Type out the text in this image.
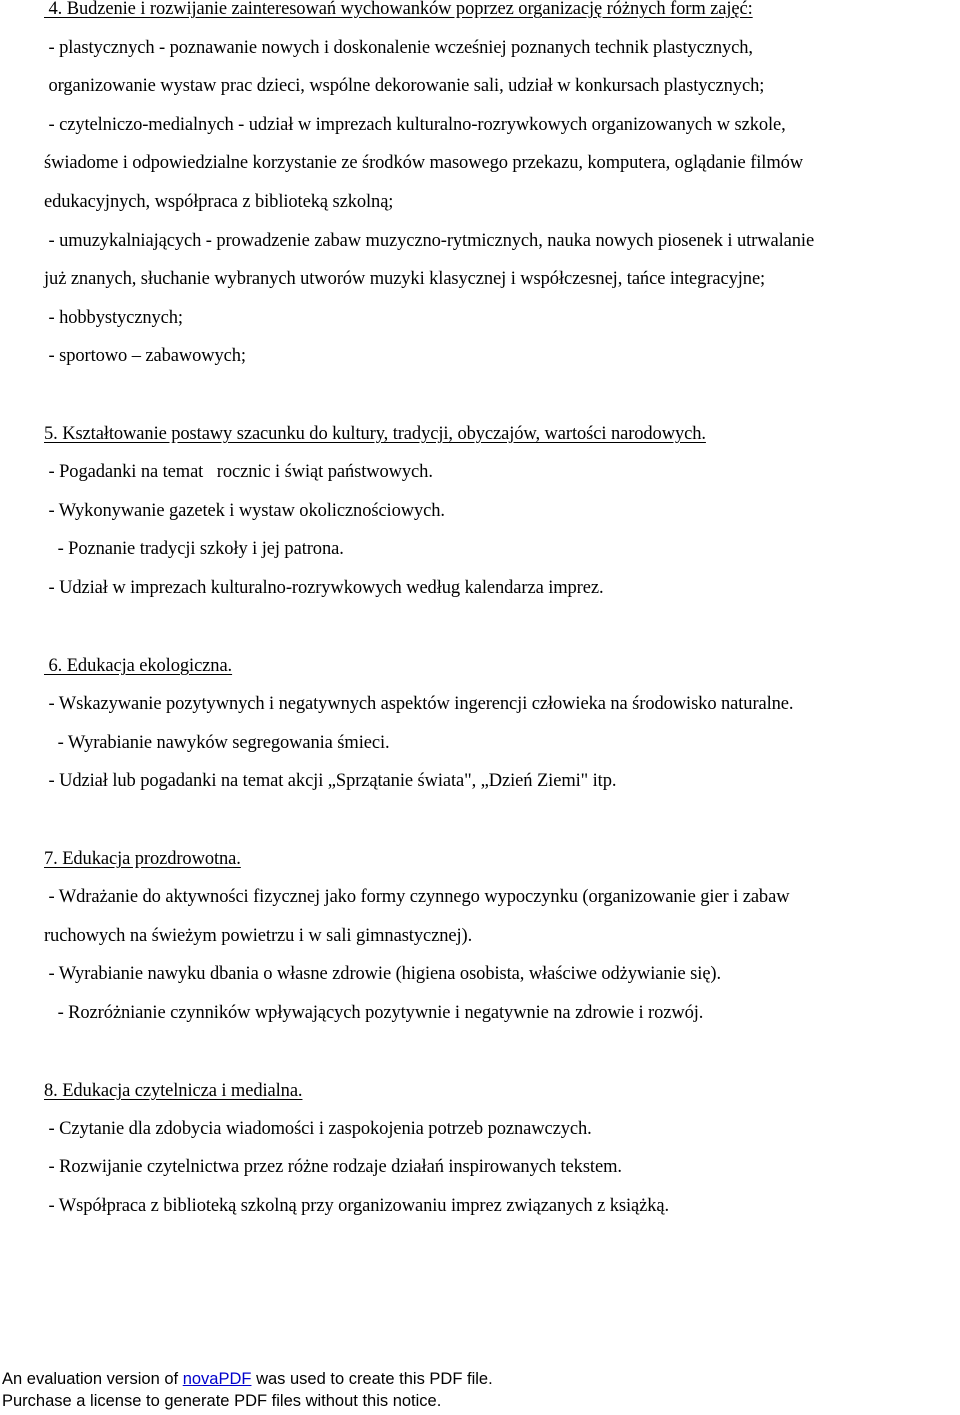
4. Budzenie i rozwijanie zainteresowań wychowanków poprzez organizację różnych form zajęć:
- plastycznych - poznawanie nowych i doskonalenie wcześniej poznanych technik plastycznych,
organizowanie wystaw prac dzieci, wspólne dekorowanie sali, udział w konkursach plastycznych;
- czytelniczo-medialnych - udział w imprezach kulturalno-rozrywkowych organizowanych w szkole,
świadome i odpowiedzialne korzystanie ze środków masowego przekazu, komputera, oglądanie filmów
edukacyjnych, współpraca z biblioteką szkolną;
- umuzykalniających - prowadzenie zabaw muzyczno-rytmicznych, nauka nowych piosenek i utrwalanie
już znanych, słuchanie wybranych utworów muzyki klasycznej i współczesnej, tańce integracyjne;
- hobbystycznych;
- sportowo – zabawowych;
5. Kształtowanie postawy szacunku do kultury, tradycji, obyczajów, wartości narodowych.
- Pogadanki na temat   rocznic i świąt państwowych.
- Wykonywanie gazetek i wystaw okolicznościowych.
- Poznanie tradycji szkoły i jej patrona.
- Udział w imprezach kulturalno-rozrywkowych według kalendarza imprez.
6. Edukacja ekologiczna.
- Wskazywanie pozytywnych i negatywnych aspektów ingerencji człowieka na środowisko naturalne.
- Wyrabianie nawyków segregowania śmieci.
- Udział lub pogadanki na temat akcji „Sprzątanie świata", „Dzień Ziemi" itp.
7. Edukacja prozdrowotna.
- Wdrażanie do aktywności fizycznej jako formy czynnego wypoczynku (organizowanie gier i zabaw
ruchowych na świeżym powietrzu i w sali gimnastycznej).
- Wyrabianie nawyku dbania o własne zdrowie (higiena osobista, właściwe odżywianie się).
- Rozróżnianie czynników wpływających pozytywnie i negatywnie na zdrowie i rozwój.
8. Edukacja czytelnicza i medialna.
- Czytanie dla zdobycia wiadomości i zaspokojenia potrzeb poznawczych.
- Rozwijanie czytelnictwa przez różne rodzaje działań inspirowanych tekstem.
- Współpraca z biblioteką szkolną przy organizowaniu imprez związanych z książką.
An evaluation version of novaPDF was used to create this PDF file.
Purchase a license to generate PDF files without this notice.
